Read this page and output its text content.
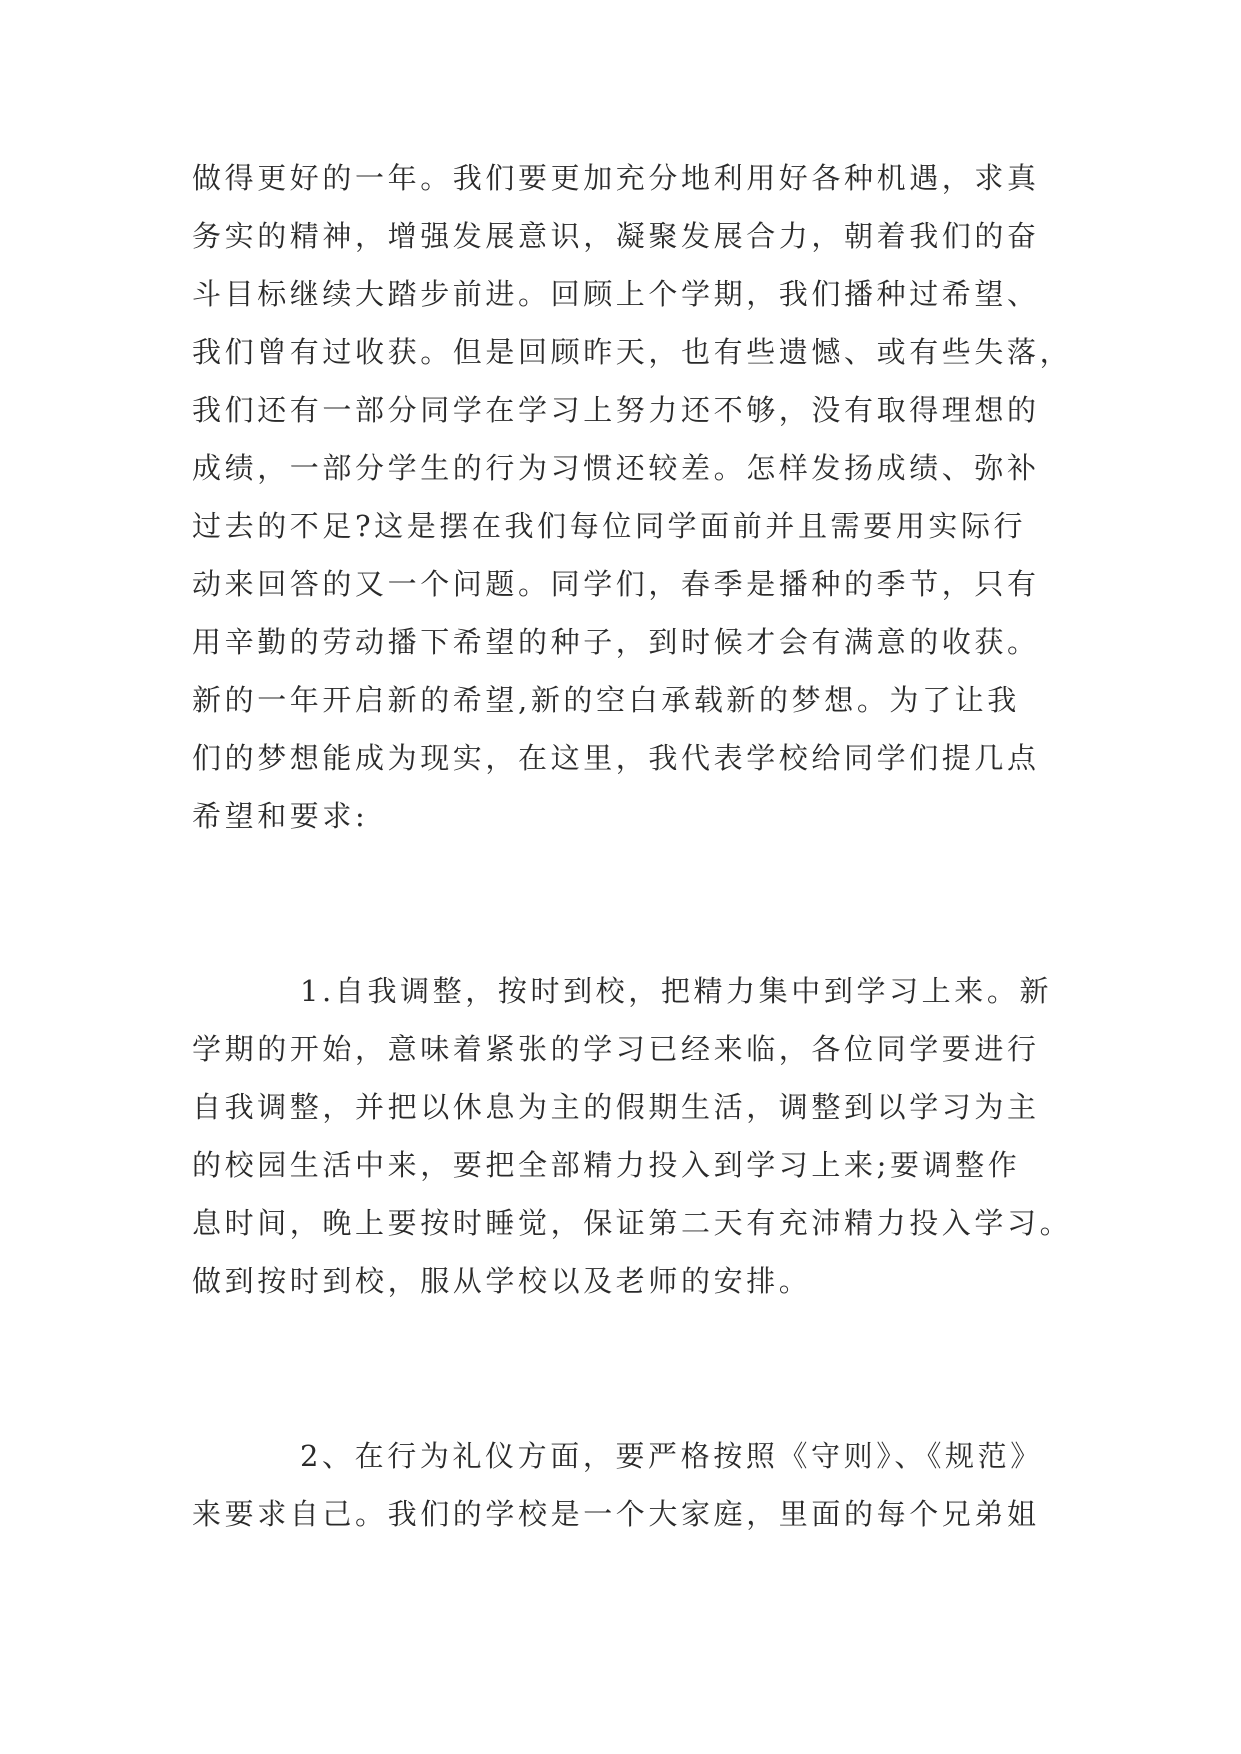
做得更好的一年。我们要更加充分地利用好各种机遇，求真
务实的精神，增强发展意识，凝聚发展合力，朝着我们的奋
斗目标继续大踏步前进。回顾上个学期，我们播种过希望、
我们曾有过收获。但是回顾昨天，也有些遗憾、或有些失落，
我们还有一部分同学在学习上努力还不够，没有取得理想的
成绩，一部分学生的行为习惯还较差。怎样发扬成绩、弥补
过去的不足?这是摆在我们每位同学面前并且需要用实际行
动来回答的又一个问题。同学们，春季是播种的季节，只有
用辛勤的劳动播下希望的种子，到时候才会有满意的收获。
新的一年开启新的希望,新的空白承载新的梦想。为了让我
们的梦想能成为现实，在这里，我代表学校给同学们提几点
希望和要求:
1.自我调整，按时到校，把精力集中到学习上来。新
学期的开始，意味着紧张的学习已经来临，各位同学要进行
自我调整，并把以休息为主的假期生活，调整到以学习为主
的校园生活中来，要把全部精力投入到学习上来;要调整作
息时间，晚上要按时睡觉，保证第二天有充沛精力投入学习。
做到按时到校，服从学校以及老师的安排。
2、在行为礼仪方面，要严格按照《守则》、《规范》
来要求自己。我们的学校是一个大家庭，里面的每个兄弟姐
